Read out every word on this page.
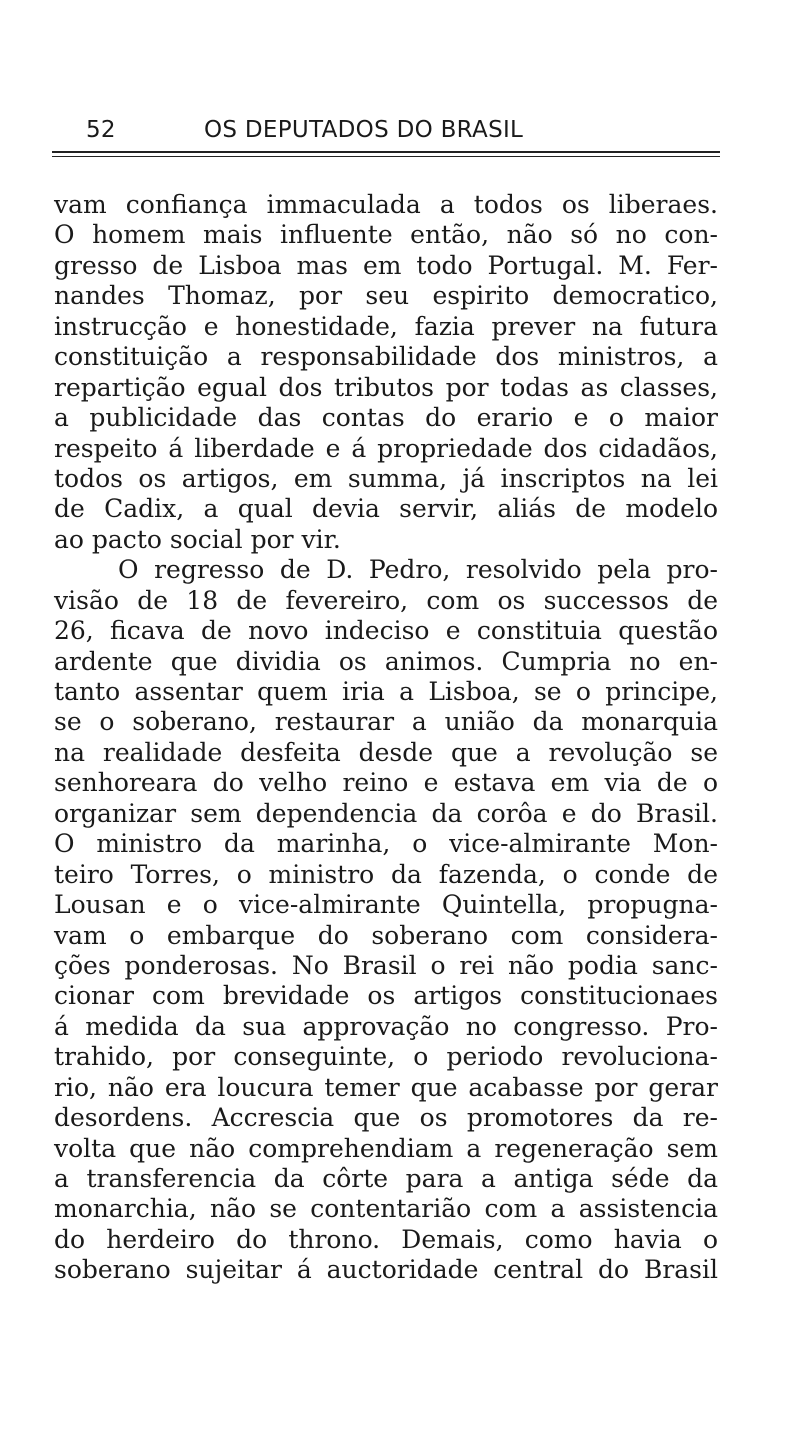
52	OS DEPUTADOS DO BRASIL
vam confiança immaculada a todos os liberaes.
O homem mais influente então, não só no con-
gresso de Lisboa mas em todo Portugal. M. Fer-
nandes Thomaz, por seu espirito democratico,
instrucção e honestidade, fazia prever na futura
constituição a responsabilidade dos ministros, a
repartição egual dos tributos por todas as classes,
a publicidade das contas do erario e o maior
respeito á liberdade e á propriedade dos cidadãos,
todos os artigos, em summa, já inscriptos na lei
de Cadix, a qual devia servir, aliás de modelo
ao pacto social por vir.
O regresso de D. Pedro, resolvido pela pro-
visão de 18 de fevereiro, com os successos de
26, ficava de novo indeciso e constituia questão
ardente que dividia os animos. Cumpria no en-
tanto assentar quem iria a Lisboa, se o principe,
se o soberano, restaurar a união da monarquia
na realidade desfeita desde que a revolução se
senhoreara do velho reino e estava em via de o
organizar sem dependencia da corôa e do Brasil.
O ministro da marinha, o vice-almirante Mon-
teiro Torres, o ministro da fazenda, o conde de
Lousan e o vice-almirante Quintella, propugna-
vam o embarque do soberano com considera-
ções ponderosas. No Brasil o rei não podia sanc-
cionar com brevidade os artigos constitucionaes
á medida da sua approvação no congresso. Pro-
trahido, por conseguinte, o periodo revoluciona-
rio, não era loucura temer que acabasse por gerar
desordens. Accrescia que os promotores da re-
volta que não comprehendiam a regeneração sem
a transferencia da côrte para a antiga séde da
monarchia, não se contentarião com a assistencia
do herdeiro do throno. Demais, como havia o
soberano sujeitar á auctoridade central do Brasil
